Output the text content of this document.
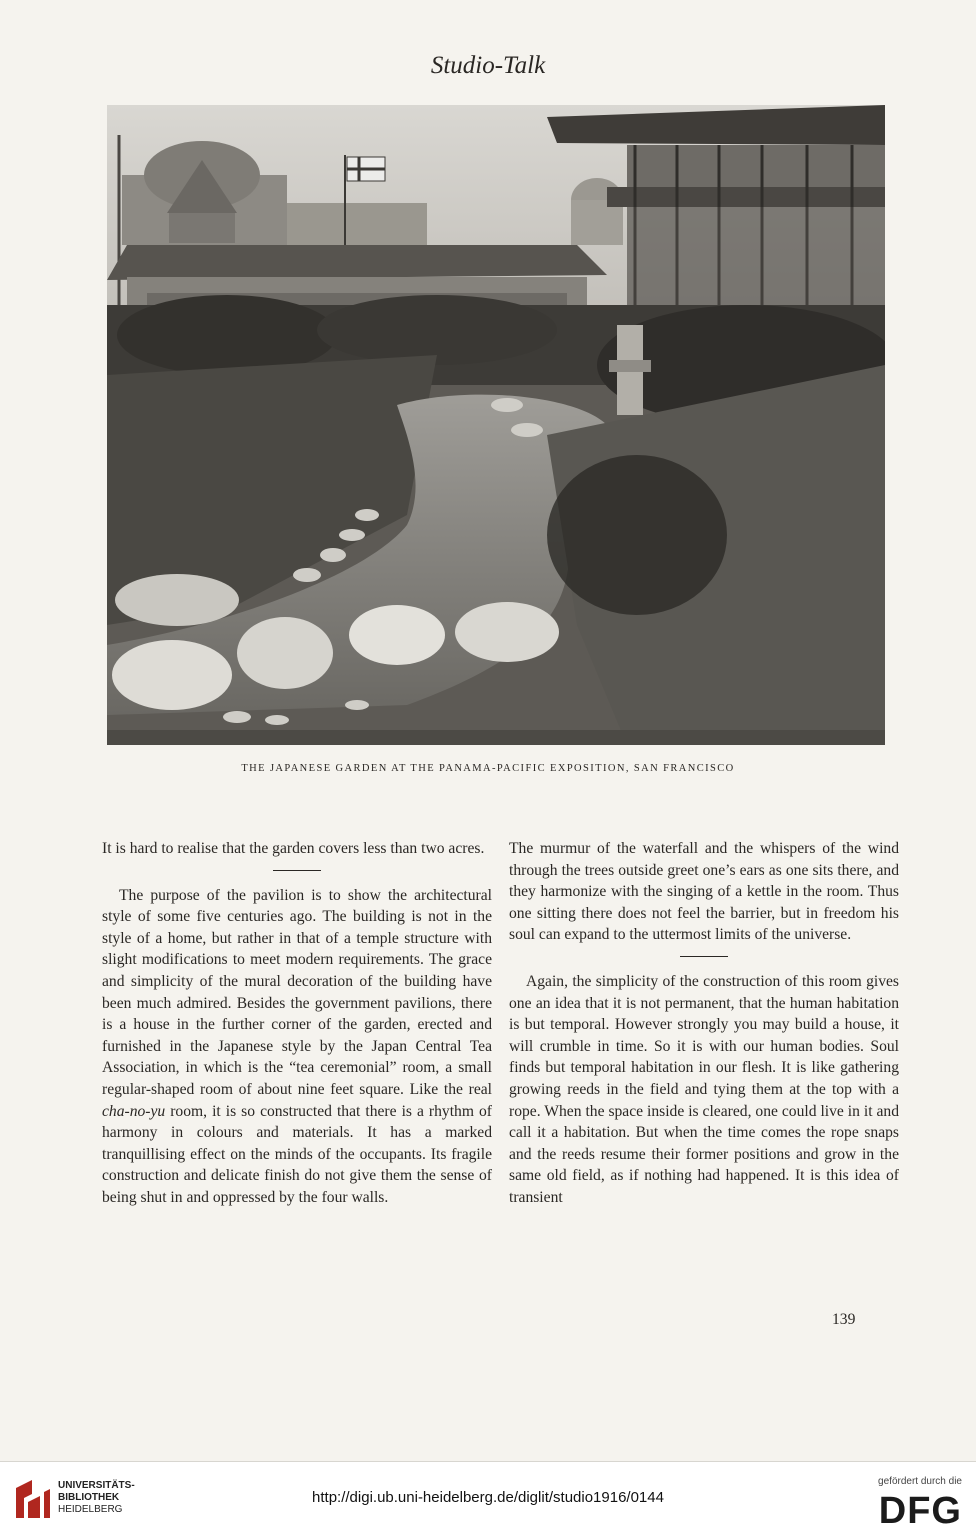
Studio-Talk
THE JAPANESE GARDEN AT THE PANAMA-PACIFIC EXPOSITION, SAN FRANCISCO

It is hard to realise that the garden covers less than two acres.

The purpose of the pavilion is to show the architectural style of some five centuries ago. The building is not in the style of a home, but rather in that of a temple structure with slight modifications to meet modern requirements. The grace and simplicity of the mural decoration of the building have been much admired. Besides the government pavilions, there is a house in the further corner of the garden, erected and furnished in the Japanese style by the Japan Central Tea Association, in which is the “tea ceremonial” room, a small regular-shaped room of about nine feet square. Like the real cha-no-yu room, it is so constructed that there is a rhythm of harmony in colours and materials. It has a marked tranquillising effect on the minds of the occupants. Its fragile construction and delicate finish do not give them the sense of being shut in and oppressed by the four walls.

The murmur of the waterfall and the whispers of the wind through the trees outside greet one’s ears as one sits there, and they harmonize with the singing of a kettle in the room. Thus one sitting there does not feel the barrier, but in freedom his soul can expand to the uttermost limits of the universe.

Again, the simplicity of the construction of this room gives one an idea that it is not permanent, that the human habitation is but temporal. However strongly you may build a house, it will crumble in time. So it is with our human bodies. Soul finds but temporal habitation in our flesh. It is like gathering growing reeds in the field and tying them at the top with a rope. When the space inside is cleared, one could live in it and call it a habitation. But when the time comes the rope snaps and the reeds resume their former positions and grow in the same old field, as if nothing had happened. It is this idea of transient

139
UNIVERSITÄTS-
BIBLIOTHEK
HEIDELBERG
http://digi.ub.uni-heidelberg.de/diglit/studio1916/0144
gefördert durch die
DFG
